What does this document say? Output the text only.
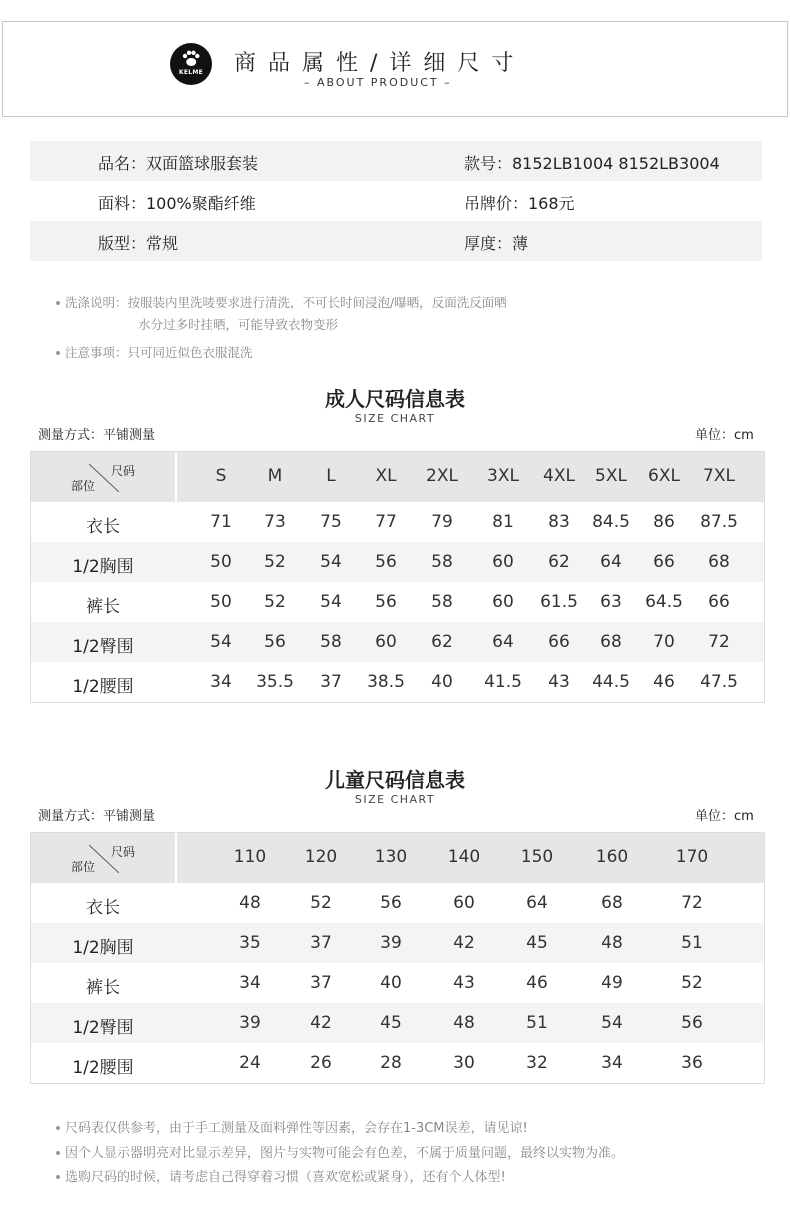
KELME	商品属性/详细尺寸
– ABOUT PRODUCT –
品名：双面篮球服套装	款号：8152LB1004 8152LB3004
面料：100%聚酯纤维	吊牌价：168元
版型：常规	厚度：薄
洗涤说明：按服装内里洗唛要求进行清洗，不可长时间浸泡/曝晒，反面洗反面晒
水分过多时挂晒，可能导致衣物变形
注意事项：只可同近似色衣服混洗
成人尺码信息表
SIZE CHART
测量方式：平铺测量	单位：cm
尺码
部位	S	M	L	XL	2XL	3XL	4XL	5XL	6XL	7XL
衣长	71	73	75	77	79	81	83	84.5	86	87.5
1/2胸围	50	52	54	56	58	60	62	64	66	68
裤长	50	52	54	56	58	60	61.5	63	64.5	66
1/2臀围	54	56	58	60	62	64	66	68	70	72
1/2腰围	34	35.5	37	38.5	40	41.5	43	44.5	46	47.5
儿童尺码信息表
SIZE CHART
测量方式：平铺测量	单位：cm
尺码
部位	110	120	130	140	150	160	170
衣长	48	52	56	60	64	68	72
1/2胸围	35	37	39	42	45	48	51
裤长	34	37	40	43	46	49	52
1/2臀围	39	42	45	48	51	54	56
1/2腰围	24	26	28	30	32	34	36
尺码表仅供参考，由于手工测量及面料弹性等因素，会存在1-3CM误差，请见谅!
因个人显示器明亮对比显示差异，图片与实物可能会有色差，不属于质量问题，最终以实物为准。
选购尺码的时候，请考虑自己得穿着习惯（喜欢宽松或紧身），还有个人体型!
